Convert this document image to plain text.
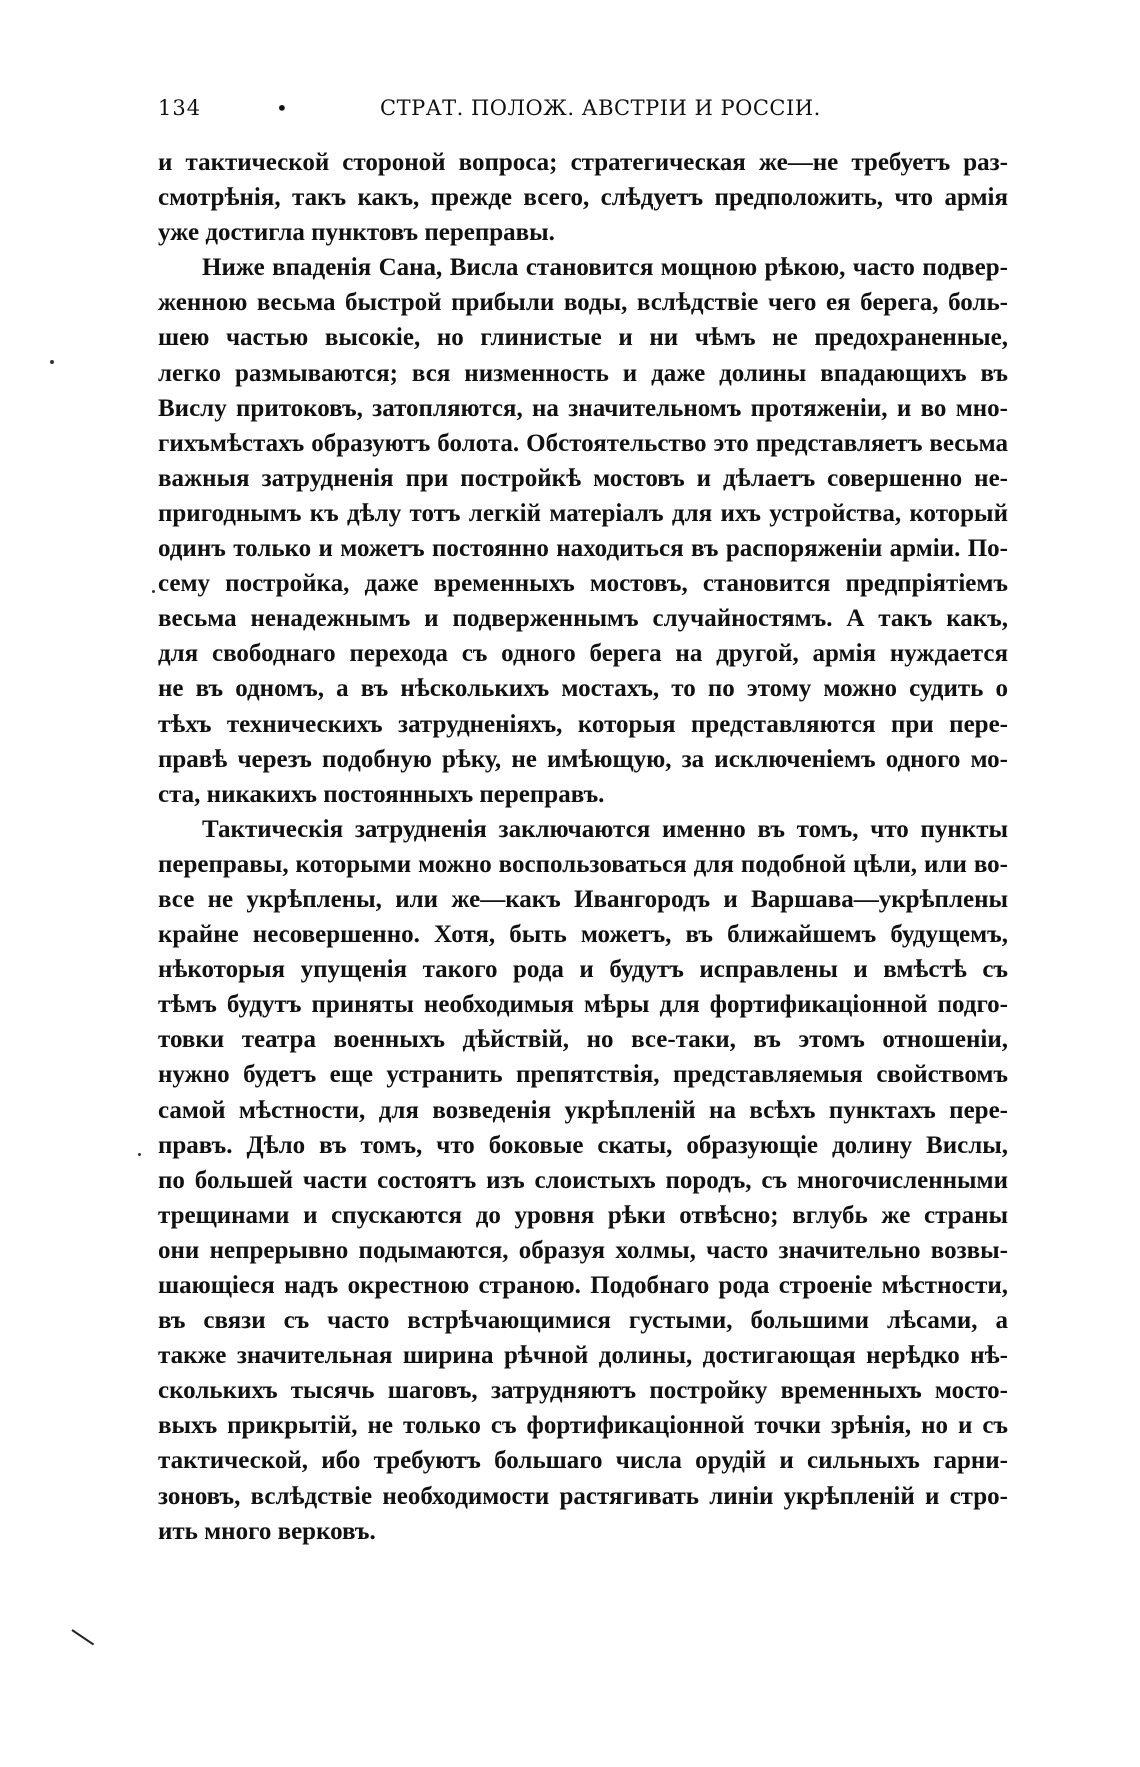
134	•	СТРАТ. ПОЛОЖ. АВСТРІИ И РОССІИ.

и тактической стороной вопроса; стратегическая же—не требуетъ раз-
смотрѣнія, такъ какъ, прежде всего, слѣдуетъ предположить, что армія
уже достигла пунктовъ переправы.

Ниже впаденія Сана, Висла становится мощною рѣкою, часто подвер-
женною весьма быстрой прибыли воды, вслѣдствіе чего ея берега, боль-
шею частью высокіе, но глинистые и ни чѣмъ не предохраненные,
легко размываются; вся низменность и даже долины впадающихъ въ
Вислу притоковъ, затопляются, на значительномъ протяженіи, и во мно-
гихъмѣстахъ образуютъ болота. Обстоятельство это представляетъ весьма
важныя затрудненія при постройкѣ мостовъ и дѣлаетъ совершенно не-
пригоднымъ къ дѣлу тотъ легкій матеріалъ для ихъ устройства, который
одинъ только и можетъ постоянно находиться въ распоряженіи арміи. По-
сему постройка, даже временныхъ мостовъ, становится предпріятіемъ
весьма ненадежнымъ и подверженнымъ случайностямъ. А такъ какъ,
для свободнаго перехода съ одного берега на другой, армія нуждается
не въ одномъ, а въ нѣсколькихъ мостахъ, то по этому можно судить о
тѣхъ техническихъ затрудненіяхъ, которыя представляются при пере-
правѣ черезъ подобную рѣку, не имѣющую, за исключеніемъ одного мо-
ста, никакихъ постоянныхъ переправъ.

Тактическія затрудненія заключаются именно въ томъ, что пункты
переправы, которыми можно воспользоваться для подобной цѣли, или во-
все не укрѣплены, или же—какъ Ивангородъ и Варшава—укрѣплены
крайне несовершенно. Хотя, быть можетъ, въ ближайшемъ будущемъ,
нѣкоторыя упущенія такого рода и будутъ исправлены и вмѣстѣ съ
тѣмъ будутъ приняты необходимыя мѣры для фортификаціонной подго-
товки театра военныхъ дѣйствій, но все-таки, въ этомъ отношеніи,
нужно будетъ еще устранить препятствія, представляемыя свойствомъ
самой мѣстности, для возведенія укрѣпленій на всѣхъ пунктахъ пере-
правъ. Дѣло въ томъ, что боковые скаты, образующіе долину Вислы,
по большей части состоятъ изъ слоистыхъ породъ, съ многочисленными
трещинами и спускаются до уровня рѣки отвѣсно; вглубь же страны
они непрерывно подымаются, образуя холмы, часто значительно возвы-
шающіеся надъ окрестною страною. Подобнаго рода строеніе мѣстности,
въ связи съ часто встрѣчающимися густыми, большими лѣсами, а
также значительная ширина рѣчной долины, достигающая нерѣдко нѣ-
сколькихъ тысячь шаговъ, затрудняютъ постройку временныхъ мосто-
выхъ прикрытій, не только съ фортификаціонной точки зрѣнія, но и съ
тактической, ибо требуютъ большаго числа орудій и сильныхъ гарни-
зоновъ, вслѣдствіе необходимости растягивать линіи укрѣпленій и стро-
ить много верковъ.
